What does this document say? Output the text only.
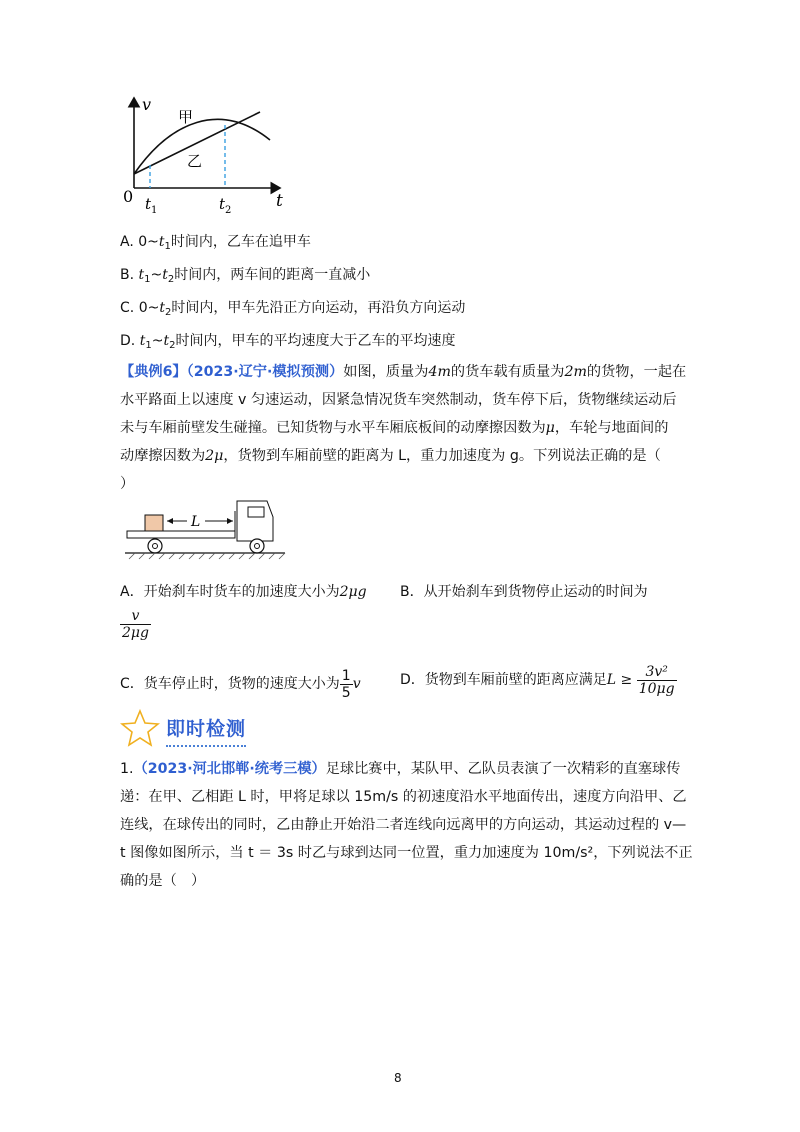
v
t
0
甲
乙
$t_1$	$t_2$
A. $0\sim t_1$时间内，乙车在追甲车
B. $t_1\sim t_2$时间内，两车间的距离一直减小
C. $0\sim t_2$时间内，甲车先沿正方向运动，再沿负方向运动
D. $t_1\sim t_2$时间内，甲车的平均速度大于乙车的平均速度
【典例6】（2023·辽宁·模拟预测）如图，质量为4m的货车载有质量为2m的货物，一起在
水平路面上以速度 v 匀速运动，因紧急情况货车突然制动，货车停下后，货物继续运动后
未与车厢前壁发生碰撞。已知货物与水平车厢底板间的动摩擦因数为μ，车轮与地面间的
动摩擦因数为2μ，货物到车厢前壁的距离为 L，重力加速度为 g。下列说法正确的是（
）
L
A．开始刹车时货车的加速度大小为2μg B．从开始刹车到货物停止运动的时间为
$\frac{v}{2\mu g}$
C．货车停止时，货物的速度大小为 $\frac{1}{5}$ v	D．货物到车厢前壁的距离应满足$L \ge \frac{\text{3v²}}{10\mu g}$
即时检测
1.（2023·河北邯郸·统考三模）足球比赛中，某队甲、乙队员表演了一次精彩的直塞球传
递：在甲、乙相距 L 时，甲将足球以 15m/s 的初速度沿水平地面传出，速度方向沿甲、乙
连线，在球传出的同时，乙由静止开始沿二者连线向远离甲的方向运动，其运动过程的 v—
t 图像如图所示，当 t ＝ 3s 时乙与球到达同一位置，重力加速度为 10m/s²，下列说法不正
确的是（　）
8
